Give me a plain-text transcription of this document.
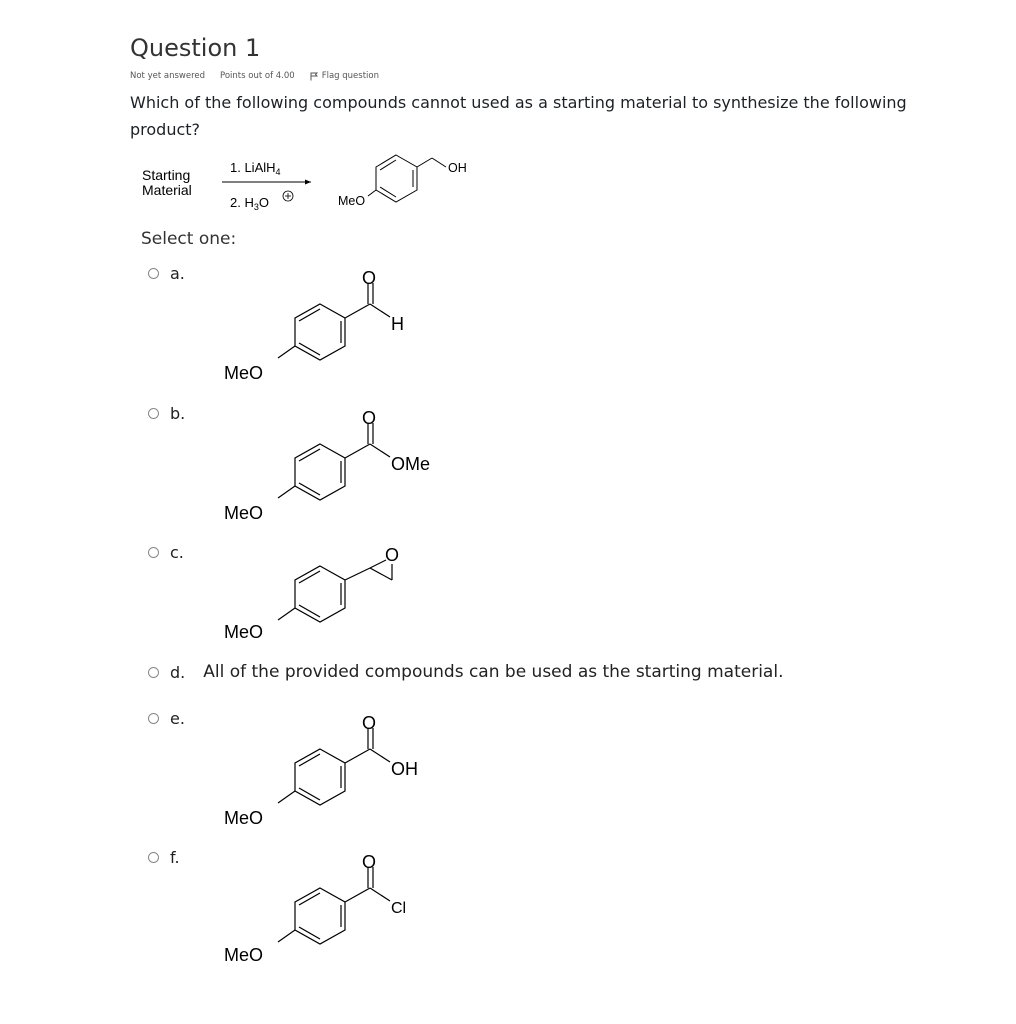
Question 1
Not yet answered Points out of 4.00	Flag question

Which of the following compounds cannot used as a starting material to synthesize the following product?

Starting
Material
1. LiAlH$_4$
2. $H_3O$	MeO
OH
Select one:
a.	O
H
MeO
b.	O
OMe
MeO
c.	O
MeO
d. All of the provided compounds can be used as the starting material.
e.	O
OH
MeO
f.	O
Cl
MeO
